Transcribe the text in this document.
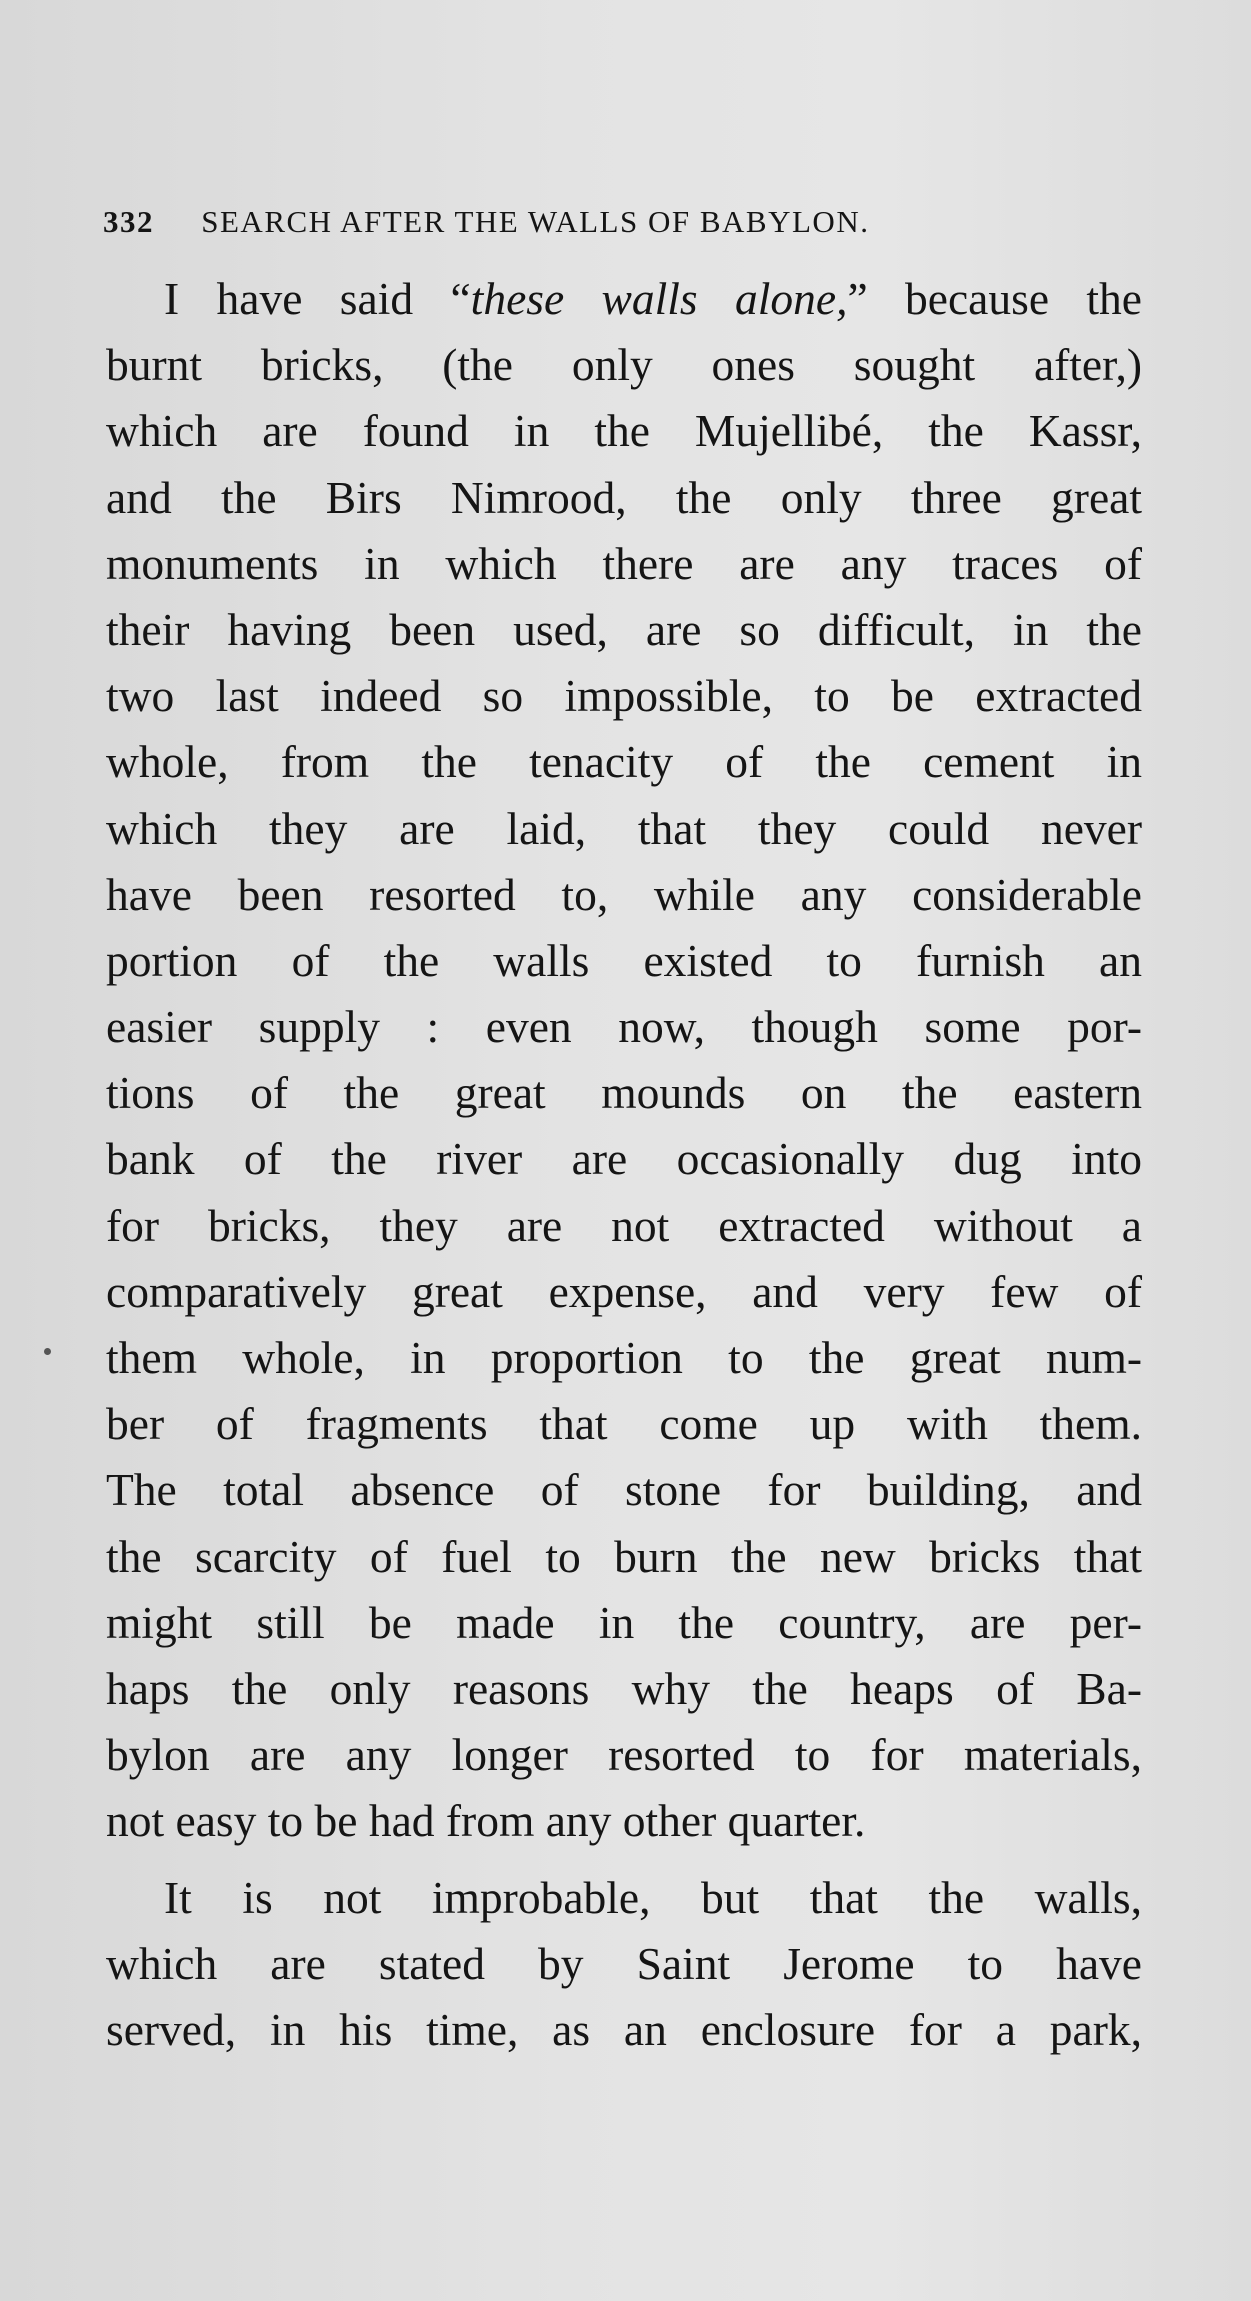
332 SEARCH AFTER THE WALLS OF BABYLON.
I have said “these walls alone,” because the
burnt bricks, (the only ones sought after,)
which are found in the Mujellibé, the Kassr,
and the Birs Nimrood, the only three great
monuments in which there are any traces of
their having been used, are so difficult, in the
two last indeed so impossible, to be extracted
whole, from the tenacity of the cement in
which they are laid, that they could never
have been resorted to, while any considerable
portion of the walls existed to furnish an
easier supply : even now, though some por-
tions of the great mounds on the eastern
bank of the river are occasionally dug into
for bricks, they are not extracted without a
comparatively great expense, and very few of
them whole, in proportion to the great num-
ber of fragments that come up with them.
The total absence of stone for building, and
the scarcity of fuel to burn the new bricks that
might still be made in the country, are per-
haps the only reasons why the heaps of Ba-
bylon are any longer resorted to for materials,
not easy to be had from any other quarter.
It is not improbable, but that the walls,
which are stated by Saint Jerome to have
served, in his time, as an enclosure for a park,
